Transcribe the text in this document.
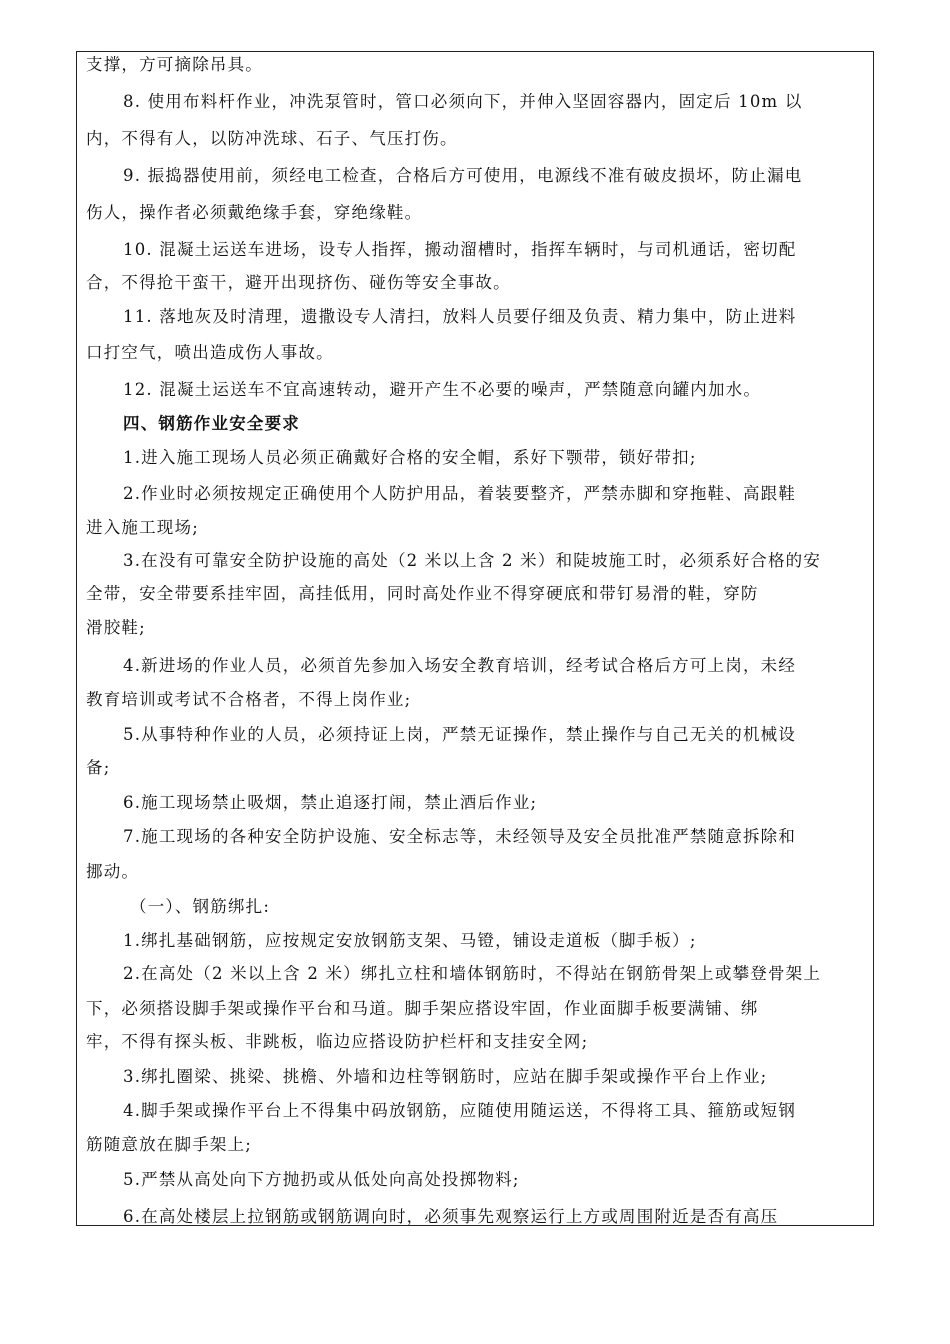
支撑，方可摘除吊具。
8. 使用布料杆作业，冲洗泵管时，管口必须向下，并伸入坚固容器内，固定后 10m 以
内，不得有人，以防冲洗球、石子、气压打伤。
9. 振捣器使用前，须经电工检查，合格后方可使用，电源线不准有破皮损坏，防止漏电
伤人，操作者必须戴绝缘手套，穿绝缘鞋。
10. 混凝土运送车进场，设专人指挥，搬动溜槽时，指挥车辆时，与司机通话，密切配
合，不得抢干蛮干，避开出现挤伤、碰伤等安全事故。
11. 落地灰及时清理，遗撒设专人清扫，放料人员要仔细及负责、精力集中，防止进料
口打空气，喷出造成伤人事故。
12. 混凝土运送车不宜高速转动，避开产生不必要的噪声，严禁随意向罐内加水。
四、钢筋作业安全要求
1.进入施工现场人员必须正确戴好合格的安全帽，系好下颚带，锁好带扣;
2.作业时必须按规定正确使用个人防护用品，着装要整齐，严禁赤脚和穿拖鞋、高跟鞋
进入施工现场;
3.在没有可靠安全防护设施的高处（2 米以上含 2 米）和陡坡施工时，必须系好合格的安
全带，安全带要系挂牢固，高挂低用，同时高处作业不得穿硬底和带钉易滑的鞋，穿防
滑胶鞋;
4.新进场的作业人员，必须首先参加入场安全教育培训，经考试合格后方可上岗，未经
教育培训或考试不合格者，不得上岗作业;
5.从事特种作业的人员，必须持证上岗，严禁无证操作，禁止操作与自己无关的机械设
备;
6.施工现场禁止吸烟，禁止追逐打闹，禁止酒后作业;
7.施工现场的各种安全防护设施、安全标志等，未经领导及安全员批准严禁随意拆除和
挪动。
（一）、钢筋绑扎:
1.绑扎基础钢筋，应按规定安放钢筋支架、马镫，铺设走道板（脚手板）;
2.在高处（2 米以上含 2 米）绑扎立柱和墙体钢筋时，不得站在钢筋骨架上或攀登骨架上
下，必须搭设脚手架或操作平台和马道。脚手架应搭设牢固，作业面脚手板要满铺、绑
牢，不得有探头板、非跳板，临边应搭设防护栏杆和支挂安全网;
3.绑扎圈梁、挑梁、挑檐、外墙和边柱等钢筋时，应站在脚手架或操作平台上作业;
4.脚手架或操作平台上不得集中码放钢筋，应随使用随运送，不得将工具、箍筋或短钢
筋随意放在脚手架上;
5.严禁从高处向下方抛扔或从低处向高处投掷物料;
6.在高处楼层上拉钢筋或钢筋调向时，必须事先观察运行上方或周围附近是否有高压
